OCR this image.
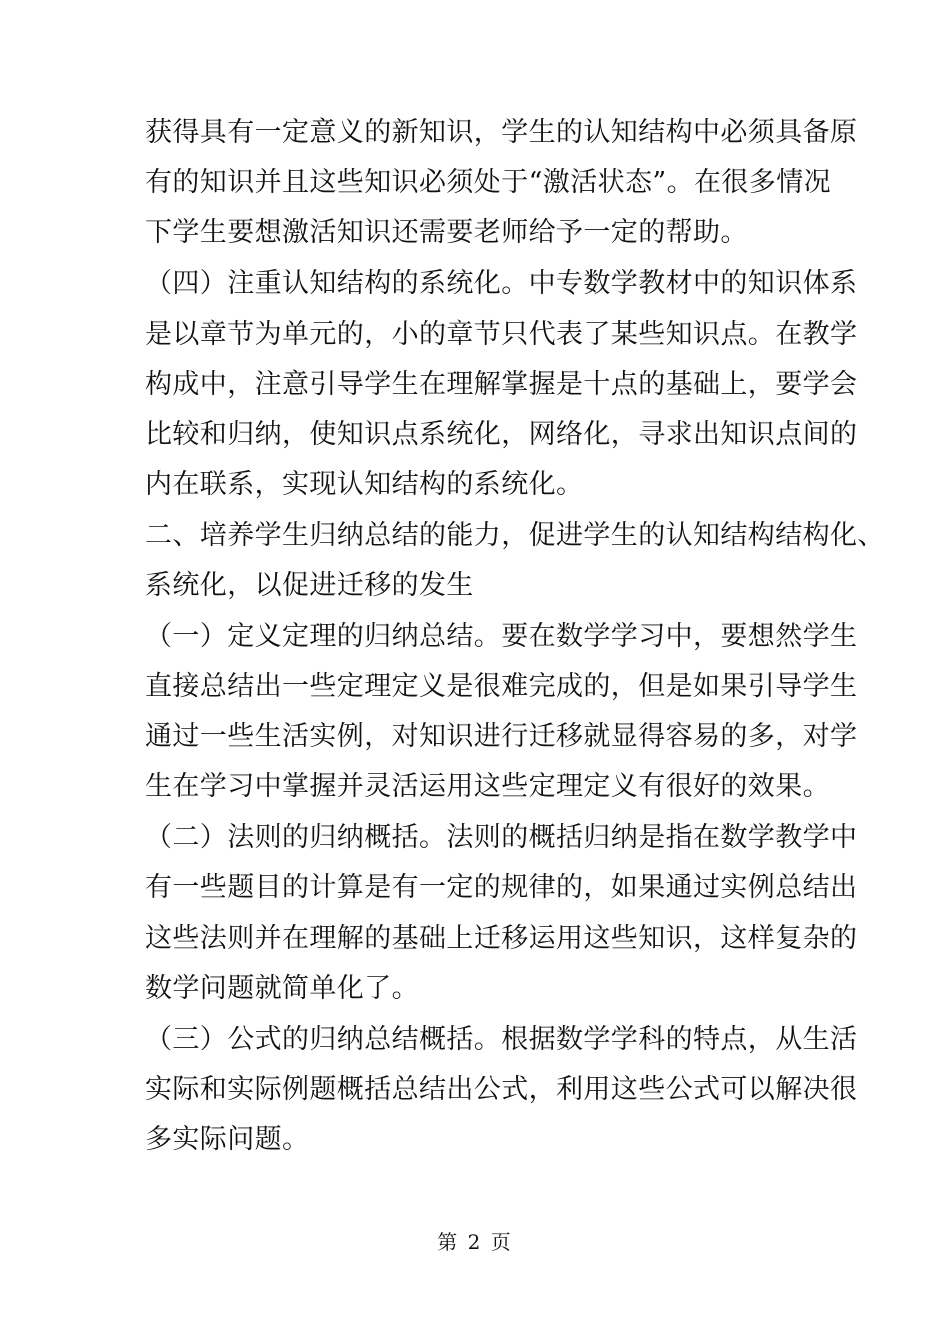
获得具有一定意义的新知识，学生的认知结构中必须具备原
有的知识并且这些知识必须处于“激活状态”。在很多情况
下学生要想激活知识还需要老师给予一定的帮助。
（四）注重认知结构的系统化。中专数学教材中的知识体系
是以章节为单元的，小的章节只代表了某些知识点。在教学
构成中，注意引导学生在理解掌握是十点的基础上，要学会
比较和归纳，使知识点系统化，网络化，寻求出知识点间的
内在联系，实现认知结构的系统化。
二、培养学生归纳总结的能力，促进学生的认知结构结构化、
系统化，以促进迁移的发生
（一）定义定理的归纳总结。要在数学学习中，要想然学生
直接总结出一些定理定义是很难完成的，但是如果引导学生
通过一些生活实例，对知识进行迁移就显得容易的多，对学
生在学习中掌握并灵活运用这些定理定义有很好的效果。
（二）法则的归纳概括。法则的概括归纳是指在数学教学中
有一些题目的计算是有一定的规律的，如果通过实例总结出
这些法则并在理解的基础上迁移运用这些知识，这样复杂的
数学问题就简单化了。
（三）公式的归纳总结概括。根据数学学科的特点，从生活
实际和实际例题概括总结出公式，利用这些公式可以解决很
多实际问题。
第 2 页
